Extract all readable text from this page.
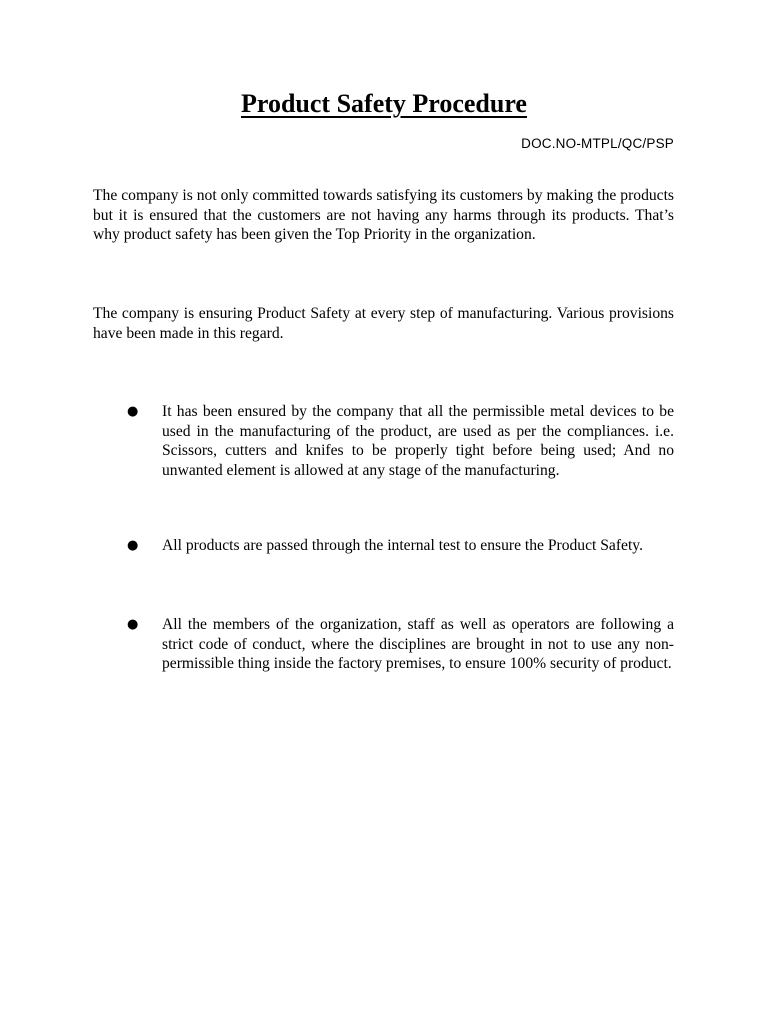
Product Safety Procedure
DOC.NO-MTPL/QC/PSP

The company is not only committed towards satisfying its customers by making the products but it is ensured that the customers are not having any harms through its products. That’s why product safety has been given the Top Priority in the organization.

The company is ensuring Product Safety at every step of manufacturing. Various provisions have been made in this regard.

● It has been ensured by the company that all the permissible metal devices to be used in the manufacturing of the product, are used as per the compliances. i.e. Scissors, cutters and knifes to be properly tight before being used; And no unwanted element is allowed at any stage of the manufacturing.

● All products are passed through the internal test to ensure the Product Safety.

● All the members of the organization, staff as well as operators are following a strict code of conduct, where the disciplines are brought in not to use any non-permissible thing inside the factory premises, to ensure 100% security of product.
